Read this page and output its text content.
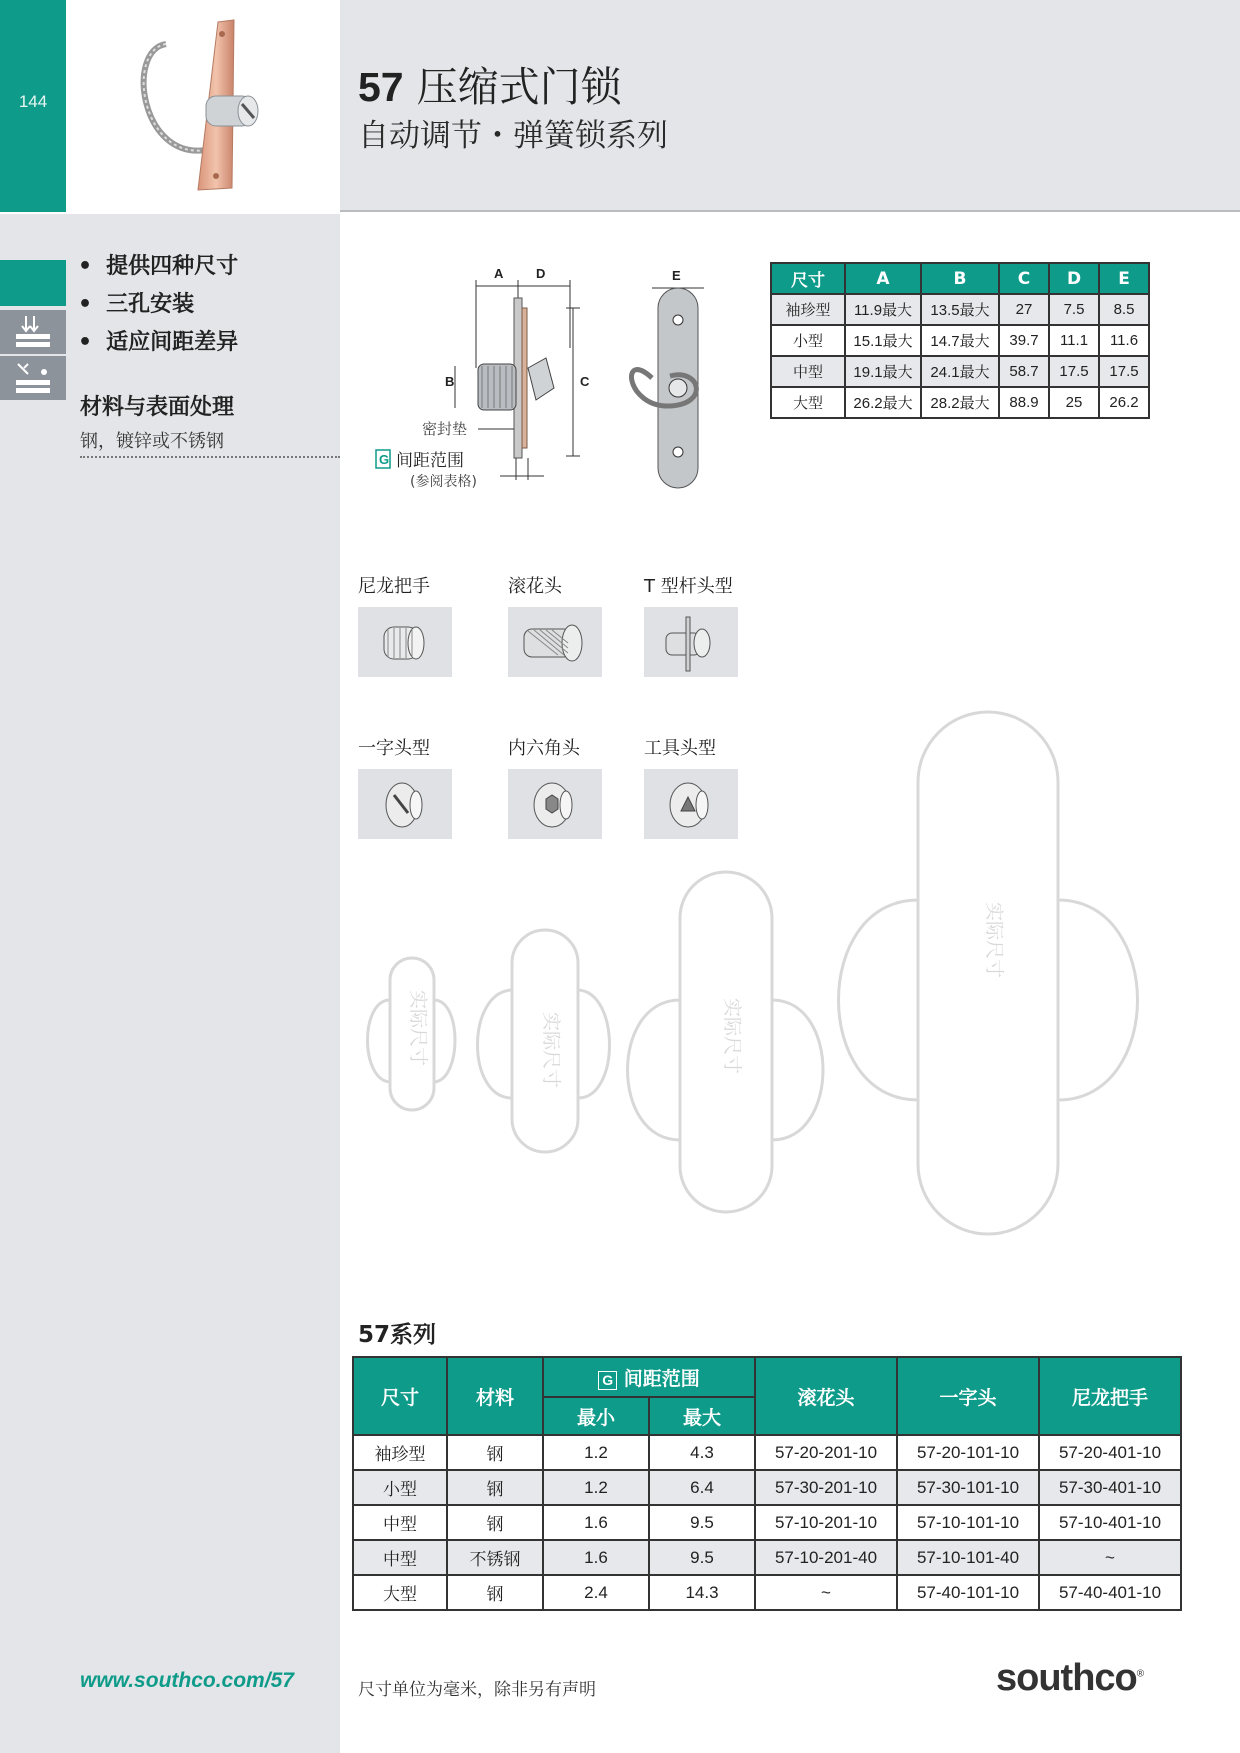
144	57 压缩式门锁
自动调节・弹簧锁系列
• 提供四种尺寸
• 三孔安装
• 适应间距差异
材料与表面处理
钢，镀锌或不锈钢
www.southco.com/57
A	D
B	C
E
密封垫
G 间距范围
(参阅表格)
尺寸	A	B	C	D	E
袖珍型	11.9最大	13.5最大	27	7.5	8.5
小型	15.1最大	14.7最大	39.7	11.1	11.6
中型	19.1最大	24.1最大	58.7	17.5	17.5
大型	26.2最大	28.2最大	88.9	25	26.2
尼龙把手	滚花头	T 型杆头型
一字头型	内六角头	工具头型
实际尺寸	实际尺寸	实际尺寸
实际尺寸
57系列
尺寸	材料	G 间距范围		滚花头	一字头	尼龙把手
		最小	最大			
袖珍型	钢	1.2	4.3	57-20-201-10	57-20-101-10	57-20-401-10
小型	钢	1.2	6.4	57-30-201-10	57-30-101-10	57-30-401-10
中型	钢	1.6	9.5	57-10-201-10	57-10-101-10	57-10-401-10
中型	不锈钢	1.6	9.5	57-10-201-40	57-10-101-40	~
大型	钢	2.4	14.3	~	57-40-101-10	57-40-401-10
尺寸单位为毫米，除非另有声明	southco®
